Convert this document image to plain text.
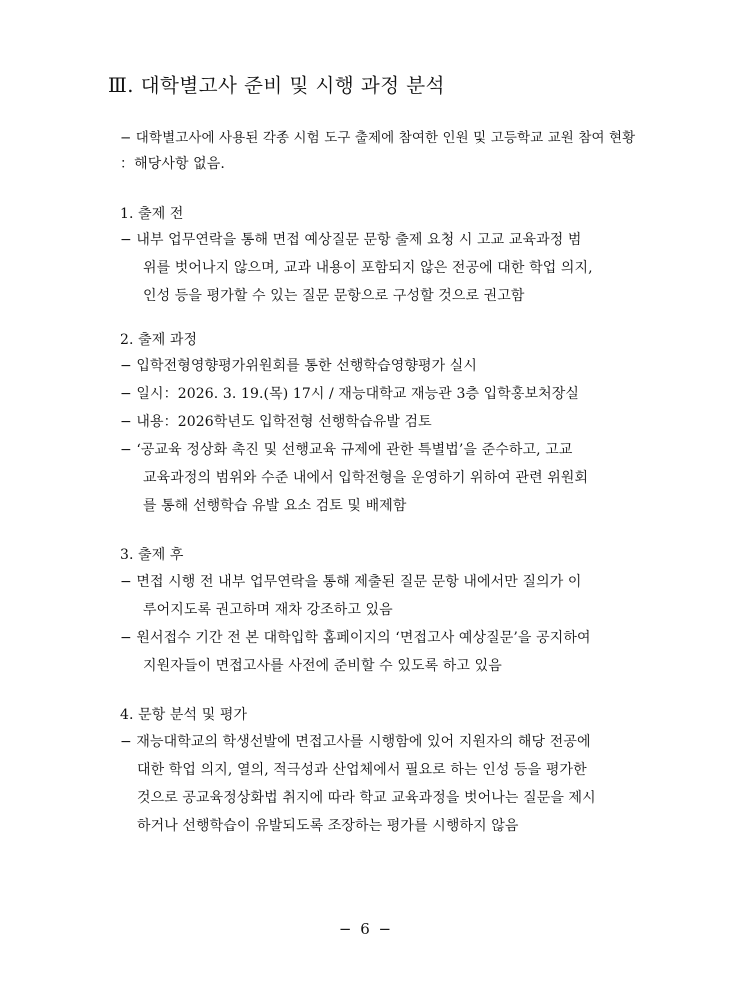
Ⅲ. 대학별고사 준비 및 시행 과정 분석
− 대학별고사에 사용된 각종 시험 도구 출제에 참여한 인원 및 고등학교 교원 참여 현황
：해당사항 없음.
1. 출제 전
− 내부 업무연락을 통해 면접 예상질문 문항 출제 요청 시 고교 교육과정 범
위를 벗어나지 않으며, 교과 내용이 포함되지 않은 전공에 대한 학업 의지,
인성 등을 평가할 수 있는 질문 문항으로 구성할 것으로 권고함
2. 출제 과정
− 입학전형영향평가위원회를 통한 선행학습영향평가 실시
− 일시：2026. 3. 19.(목) 17시 / 재능대학교 재능관 3층 입학홍보처장실
− 내용：2026학년도 입학전형 선행학습유발 검토
− ‘공교육 정상화 촉진 및 선행교육 규제에 관한 특별법’을 준수하고, 고교
교육과정의 범위와 수준 내에서 입학전형을 운영하기 위하여 관련 위원회
를 통해 선행학습 유발 요소 검토 및 배제함
3. 출제 후
− 면접 시행 전 내부 업무연락을 통해 제출된 질문 문항 내에서만 질의가 이
루어지도록 권고하며 재차 강조하고 있음
− 원서접수 기간 전 본 대학입학 홈페이지의 ‘면접고사 예상질문’을 공지하여
지원자들이 면접고사를 사전에 준비할 수 있도록 하고 있음
4. 문항 분석 및 평가
− 재능대학교의 학생선발에 면접고사를 시행함에 있어 지원자의 해당 전공에
대한 학업 의지, 열의, 적극성과 산업체에서 필요로 하는 인성 등을 평가한
것으로 공교육정상화법 취지에 따라 학교 교육과정을 벗어나는 질문을 제시
하거나 선행학습이 유발되도록 조장하는 평가를 시행하지 않음
− 6 −
